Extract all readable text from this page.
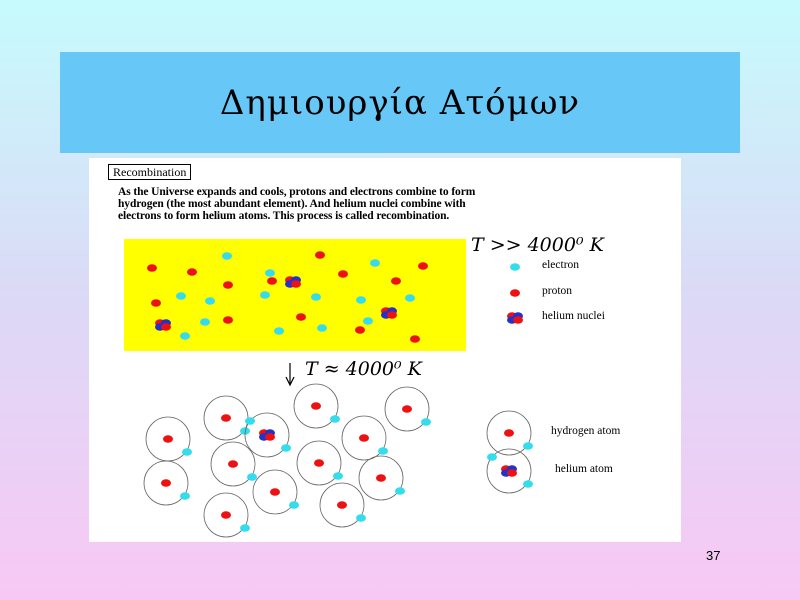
Δημιουργία Ατόμων
Recombination
As the Universe expands and cools, protons and electrons combine to form
hydrogen (the most abundant element). And helium nuclei combine with
electrons to form helium atoms. This process is called recombination.
T >> 4000⁰ K
T ≈ 4000⁰ K
electron
proton
helium nuclei
hydrogen atom
helium atom
37
